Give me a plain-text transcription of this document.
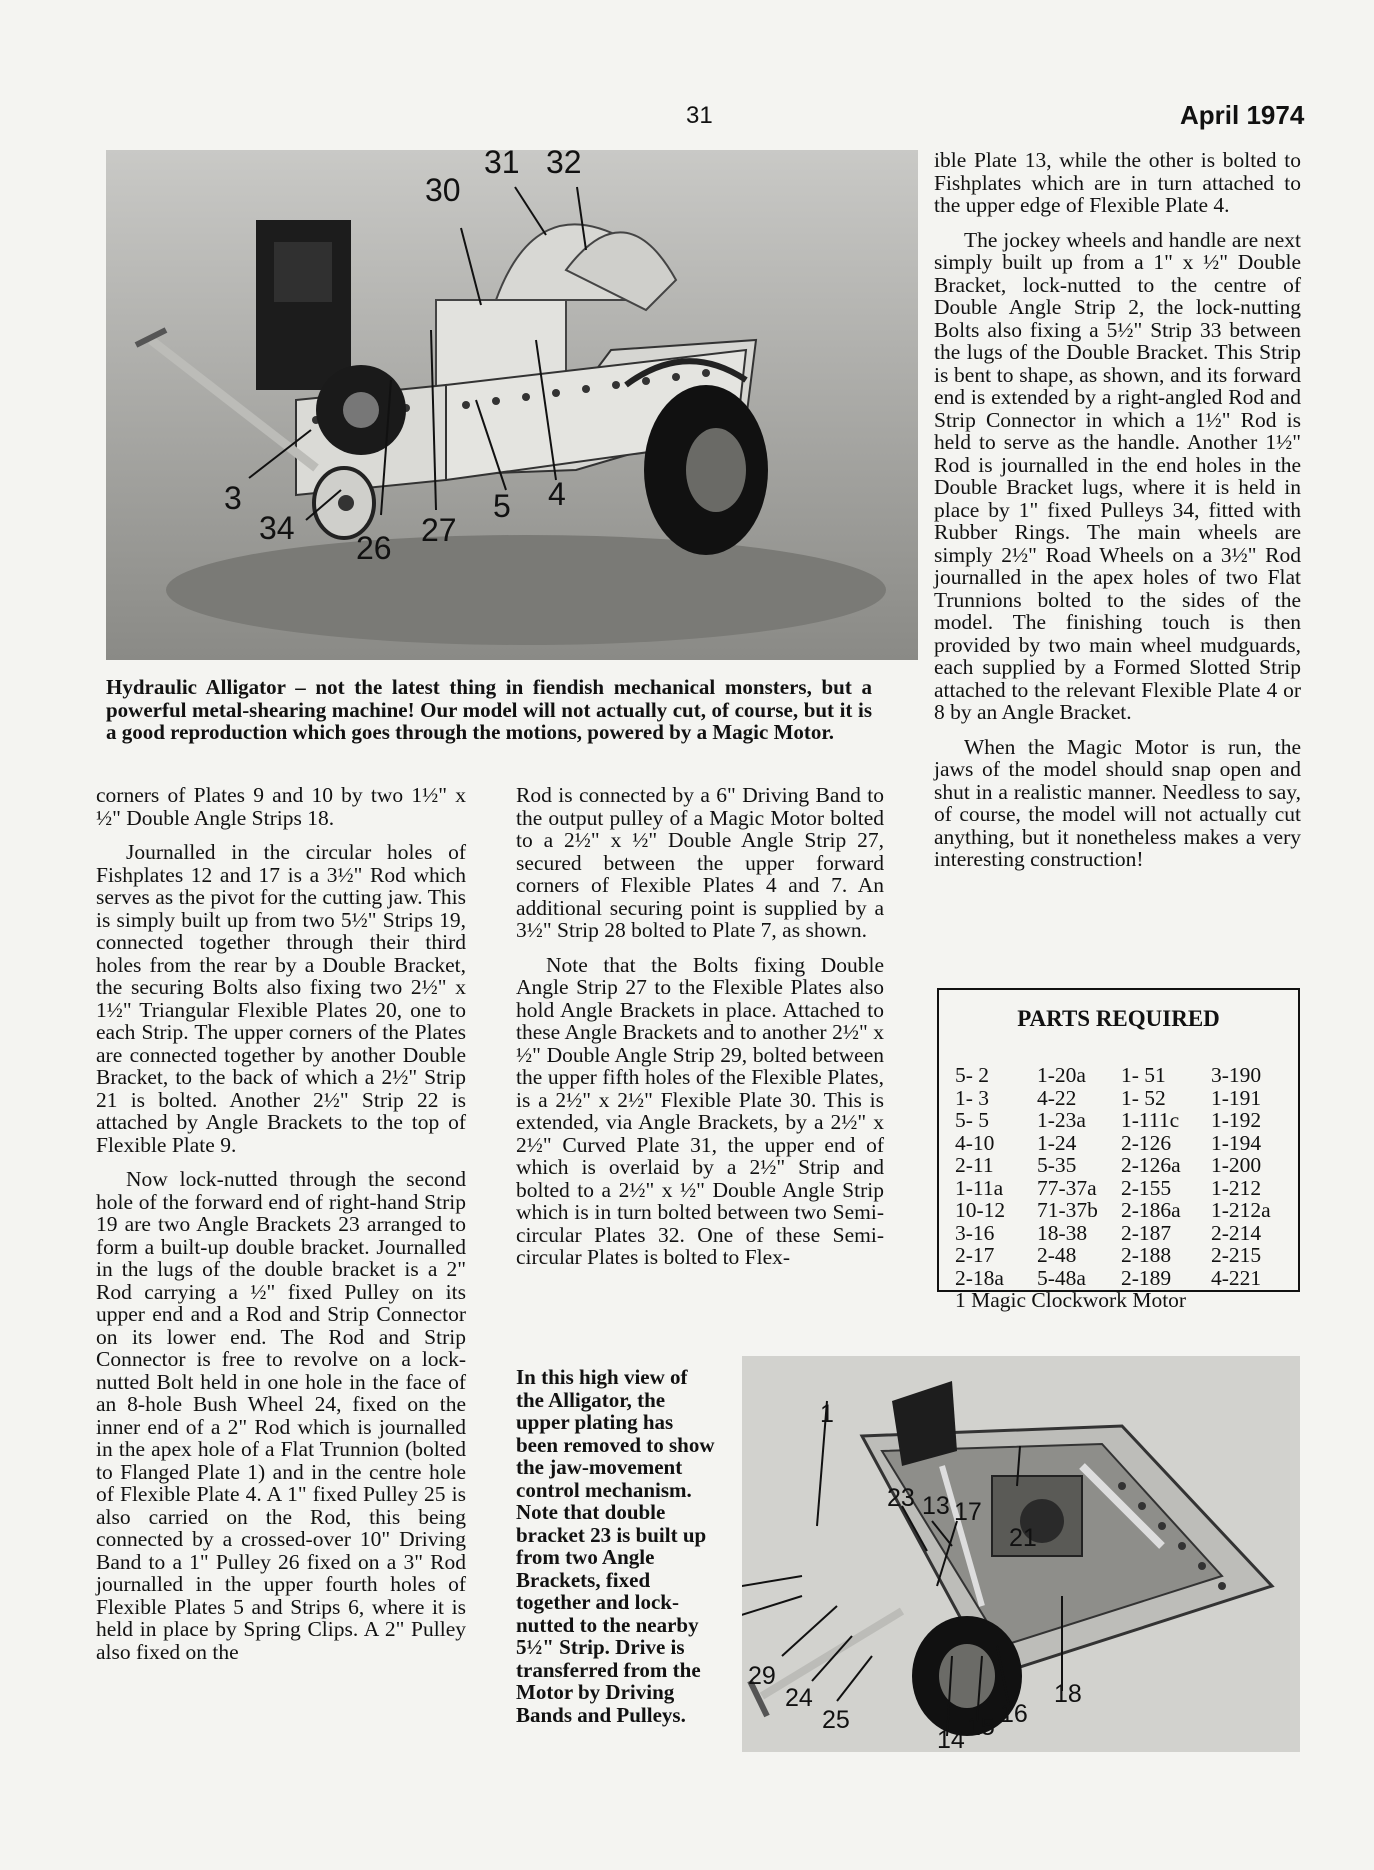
31	April 1974
31 32
30
3
34
26 27
5 4
Hydraulic Alligator – not the latest thing in fiendish mechanical monsters, but a powerful metal-shearing machine! Our model will not actually cut, of course, but it is a good reproduction which goes through the motions, powered by a Magic Motor.

corners of Plates 9 and 10 by two 1½" x ½" Double Angle Strips 18.

Journalled in the circular holes of Fishplates 12 and 17 is a 3½" Rod which serves as the pivot for the cutting jaw. This is simply built up from two 5½" Strips 19, connected together through their third holes from the rear by a Double Bracket, the securing Bolts also fixing two 2½" x 1½" Triangular Flexible Plates 20, one to each Strip. The upper corners of the Plates are connected together by another Double Bracket, to the back of which a 2½" Strip 21 is bolted. Another 2½" Strip 22 is attached by Angle Brackets to the top of Flexible Plate 9.

Now lock-nutted through the second hole of the forward end of right-hand Strip 19 are two Angle Brackets 23 arranged to form a built-up double bracket. Journalled in the lugs of the double bracket is a 2" Rod carrying a ½" fixed Pulley on its upper end and a Rod and Strip Connector on its lower end. The Rod and Strip Connector is free to revolve on a lock-nutted Bolt held in one hole in the face of an 8-hole Bush Wheel 24, fixed on the inner end of a 2" Rod which is journalled in the apex hole of a Flat Trunnion (bolted to Flanged Plate 1) and in the centre hole of Flexible Plate 4. A 1" fixed Pulley 25 is also carried on the Rod, this being connected by a crossed-over 10" Driving Band to a 1" Pulley 26 fixed on a 3" Rod journalled in the upper fourth holes of Flexible Plates 5 and Strips 6, where it is held in place by Spring Clips. A 2" Pulley also fixed on the

Rod is connected by a 6" Driving Band to the output pulley of a Magic Motor bolted to a 2½" x ½" Double Angle Strip 27, secured between the upper forward corners of Flexible Plates 4 and 7. An additional securing point is supplied by a 3½" Strip 28 bolted to Plate 7, as shown.

Note that the Bolts fixing Double Angle Strip 27 to the Flexible Plates also hold Angle Brackets in place. Attached to these Angle Brackets and to another 2½" x ½" Double Angle Strip 29, bolted between the upper fifth holes of the Flexible Plates, is a 2½" x 2½" Flexible Plate 30. This is extended, via Angle Brackets, by a 2½" x 2½" Curved Plate 31, the upper end of which is overlaid by a 2½" Strip and bolted to a 2½" x ½" Double Angle Strip which is in turn bolted between two Semi-circular Plates 32. One of these Semi-circular Plates is bolted to Flex-

ible Plate 13, while the other is bolted to Fishplates which are in turn attached to the upper edge of Flexible Plate 4.

The jockey wheels and handle are next simply built up from a 1" x ½" Double Bracket, lock-nutted to the centre of Double Angle Strip 2, the lock-nutting Bolts also fixing a 5½" Strip 33 between the lugs of the Double Bracket. This Strip is bent to shape, as shown, and its forward end is extended by a right-angled Rod and Strip Connector in which a 1½" Rod is held to serve as the handle. Another 1½" Rod is journalled in the end holes in the Double Bracket lugs, where it is held in place by 1" fixed Pulleys 34, fitted with Rubber Rings. The main wheels are simply 2½" Road Wheels on a 3½" Rod journalled in the apex holes of two Flat Trunnions bolted to the sides of the model. The finishing touch is then provided by two main wheel mudguards, each supplied by a Formed Slotted Strip attached to the relevant Flexible Plate 4 or 8 by an Angle Bracket.

When the Magic Motor is run, the jaws of the model should snap open and shut in a realistic manner. Needless to say, of course, the model will not actually cut anything, but it nonetheless makes a very interesting construction!

PARTS REQUIRED
5- 2	1-20a	1- 51	3-190
1- 3	4-22	1- 52	1-191
5- 5	1-23a	1-111c	1-192
4-10	1-24	2-126	1-194
2-11	5-35	2-126a	1-200
1-11a	77-37a	2-155	1-212
10-12	71-37b	2-186a	1-212a
3-16	18-38	2-187	2-214
2-17	2-48	2-188	2-215
2-18a	5-48a	2-189	4-221
1 Magic Clockwork Motor
In this high view of the Alligator, the upper plating has been removed to show the jaw-movement control mechanism. Note that double bracket 23 is built up from two Angle Brackets, fixed together and lock-nutted to the nearby 5½" Strip. Drive is transferred from the Motor by Driving Bands and Pulleys.
1
23 13 17
21
29
24
25
14 15 16
18
